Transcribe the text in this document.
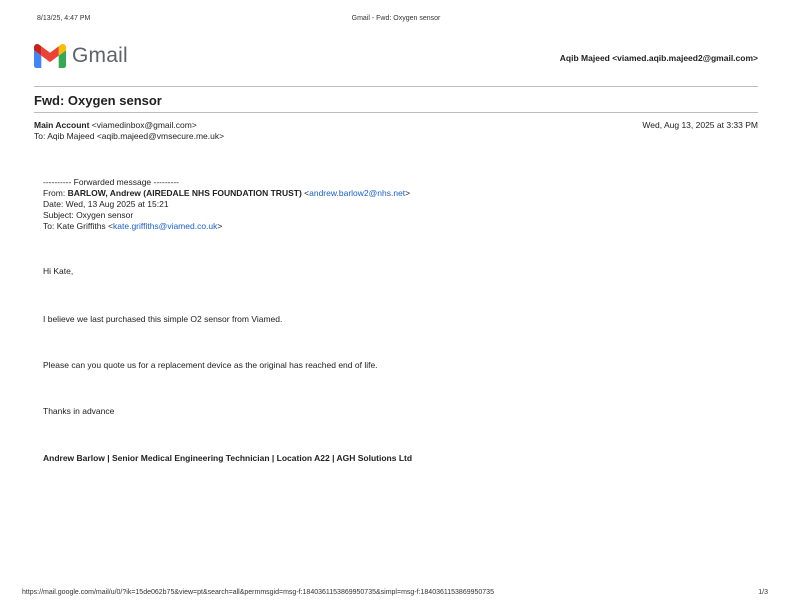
8/13/25, 4:47 PM	Gmail - Fwd: Oxygen sensor
Gmail	Aqib Majeed <viamed.aqib.majeed2@gmail.com>
Fwd: Oxygen sensor
Main Account <viamedinbox@gmail.com>	Wed, Aug 13, 2025 at 3:33 PM
To: Aqib Majeed <aqib.majeed@vmsecure.me.uk>
---------- Forwarded message ---------
From: BARLOW, Andrew (AIREDALE NHS FOUNDATION TRUST) <andrew.barlow2@nhs.net>
Date: Wed, 13 Aug 2025 at 15:21
Subject: Oxygen sensor
To: Kate Griffiths <kate.griffiths@viamed.co.uk>
Hi Kate,
I believe we last purchased this simple O2 sensor from Viamed.
Please can you quote us for a replacement device as the original has reached end of life.
Thanks in advance
Andrew Barlow | Senior Medical Engineering Technician | Location A22 | AGH Solutions Ltd
https://mail.google.com/mail/u/0/?ik=15de062b75&view=pt&search=all&permmsgid=msg-f:1840361153869950735&simpl=msg-f:1840361153869950735	1/3
